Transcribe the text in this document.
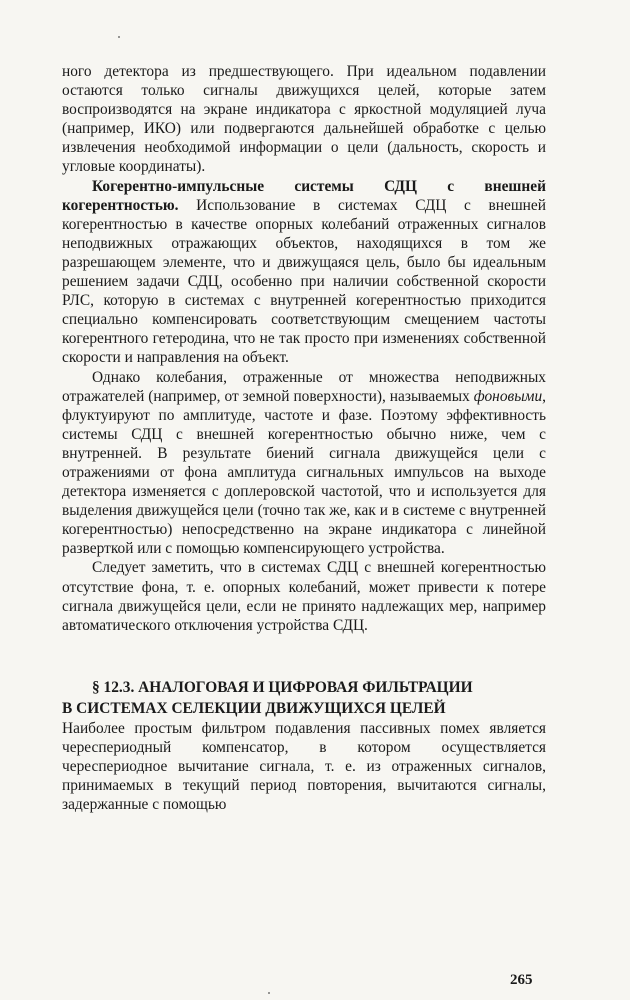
ного детектора из предшествующего. При идеальном подавлении остаются только сигналы движущихся целей, которые затем воспроизводятся на экране индикатора с яркостной модуляцией луча (например, ИКО) или подвергаются дальнейшей обработке с целью извлечения необходимой информации о цели (дальность, скорость и угловые координаты).

Когерентно-импульсные системы СДЦ с внешней когерентностью. Использование в системах СДЦ с внешней когерентностью в качестве опорных колебаний отраженных сигналов неподвижных отражающих объектов, находящихся в том же разрешающем элементе, что и движущаяся цель, было бы идеальным решением задачи СДЦ, особенно при наличии собственной скорости РЛС, которую в системах с внутренней когерентностью приходится специально компенсировать соответствующим смещением частоты когерентного гетеродина, что не так просто при изменениях собственной скорости и направления на объект.

Однако колебания, отраженные от множества неподвижных отражателей (например, от земной поверхности), называемых фоновыми, флуктуируют по амплитуде, частоте и фазе. Поэтому эффективность системы СДЦ с внешней когерентностью обычно ниже, чем с внутренней. В результате биений сигнала движущейся цели с отражениями от фона амплитуда сигнальных импульсов на выходе детектора изменяется с доплеровской частотой, что и используется для выделения движущейся цели (точно так же, как и в системе с внутренней когерентностью) непосредственно на экране индикатора с линейной разверткой или с помощью компенсирующего устройства.

Следует заметить, что в системах СДЦ с внешней когерентностью отсутствие фона, т. е. опорных колебаний, может привести к потере сигнала движущейся цели, если не принято надлежащих мер, например автоматического отключения устройства СДЦ.

§ 12.3. АНАЛОГОВАЯ И ЦИФРОВАЯ ФИЛЬТРАЦИИ
В СИСТЕМАХ СЕЛЕКЦИИ ДВИЖУЩИХСЯ ЦЕЛЕЙ

Наиболее простым фильтром подавления пассивных помех является череспериодный компенсатор, в котором осуществляется череспериодное вычитание сигнала, т. е. из отраженных сигналов, принимаемых в текущий период повторения, вычитаются сигналы, задержанные с помощью

265
